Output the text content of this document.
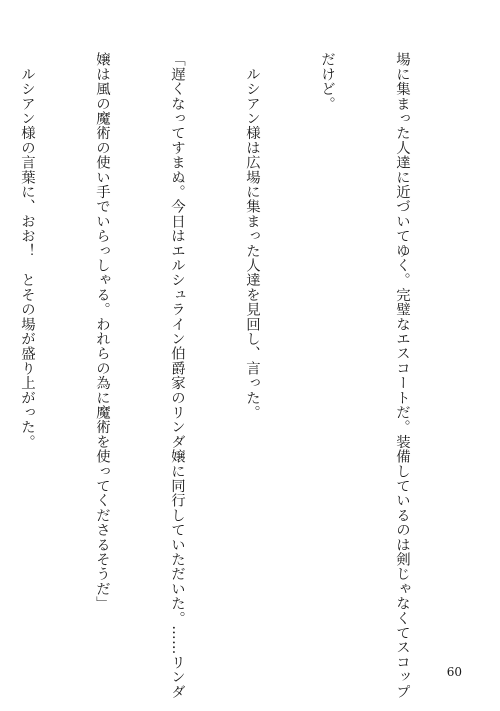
場に集まった人達に近づいてゆく。完璧なエスコートだ。装備しているのは剣じゃなくてスコップ

だけど。

　ルシアン様は広場に集まった人達を見回し、言った。

「遅くなってすまぬ。今日はエルシュライン伯爵家のリンダ嬢に同行していただいた。……リンダ

嬢は風の魔術の使い手でいらっしゃる。われらの為に魔術を使ってくださるそうだ」

　ルシアン様の言葉に、おお！　とその場が盛り上がった。

60
